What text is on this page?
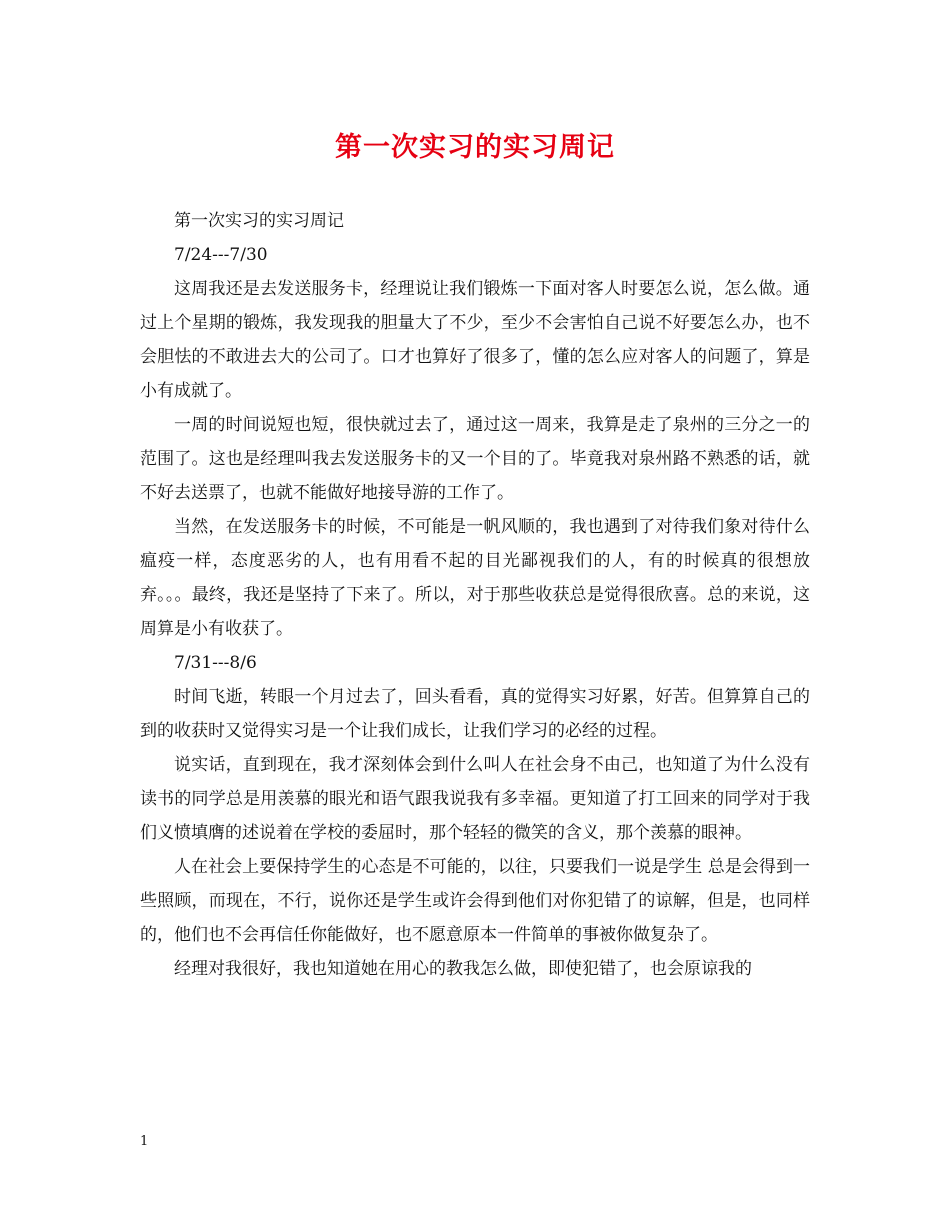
第一次实习的实习周记

第一次实习的实习周记

7/24---7/30

这周我还是去发送服务卡，经理说让我们锻炼一下面对客人时要怎么说，怎么做。通过上个星期的锻炼，我发现我的胆量大了不少，至少不会害怕自己说不好要怎么办，也不会胆怯的不敢进去大的公司了。口才也算好了很多了，懂的怎么应对客人的问题了，算是小有成就了。

一周的时间说短也短，很快就过去了，通过这一周来，我算是走了泉州的三分之一的范围了。这也是经理叫我去发送服务卡的又一个目的了。毕竟我对泉州路不熟悉的话，就不好去送票了，也就不能做好地接导游的工作了。

当然，在发送服务卡的时候，不可能是一帆风顺的，我也遇到了对待我们象对待什么瘟疫一样，态度恶劣的人，也有用看不起的目光鄙视我们的人，有的时候真的很想放弃。。。最终，我还是坚持了下来了。所以，对于那些收获总是觉得很欣喜。总的来说，这周算是小有收获了。

7/31---8/6

时间飞逝，转眼一个月过去了，回头看看，真的觉得实习好累，好苦。但算算自己的到的收获时又觉得实习是一个让我们成长，让我们学习的必经的过程。

说实话，直到现在，我才深刻体会到什么叫人在社会身不由己，也知道了为什么没有读书的同学总是用羡慕的眼光和语气跟我说我有多幸福。更知道了打工回来的同学对于我们义愤填膺的述说着在学校的委屈时，那个轻轻的微笑的含义，那个羡慕的眼神。

人在社会上要保持学生的心态是不可能的，以往，只要我们一说是学生 总是会得到一些照顾，而现在，不行，说你还是学生或许会得到他们对你犯错了的谅解，但是，也同样的，他们也不会再信任你能做好，也不愿意原本一件简单的事被你做复杂了。

经理对我很好，我也知道她在用心的教我怎么做，即使犯错了，也会原谅我的

1
